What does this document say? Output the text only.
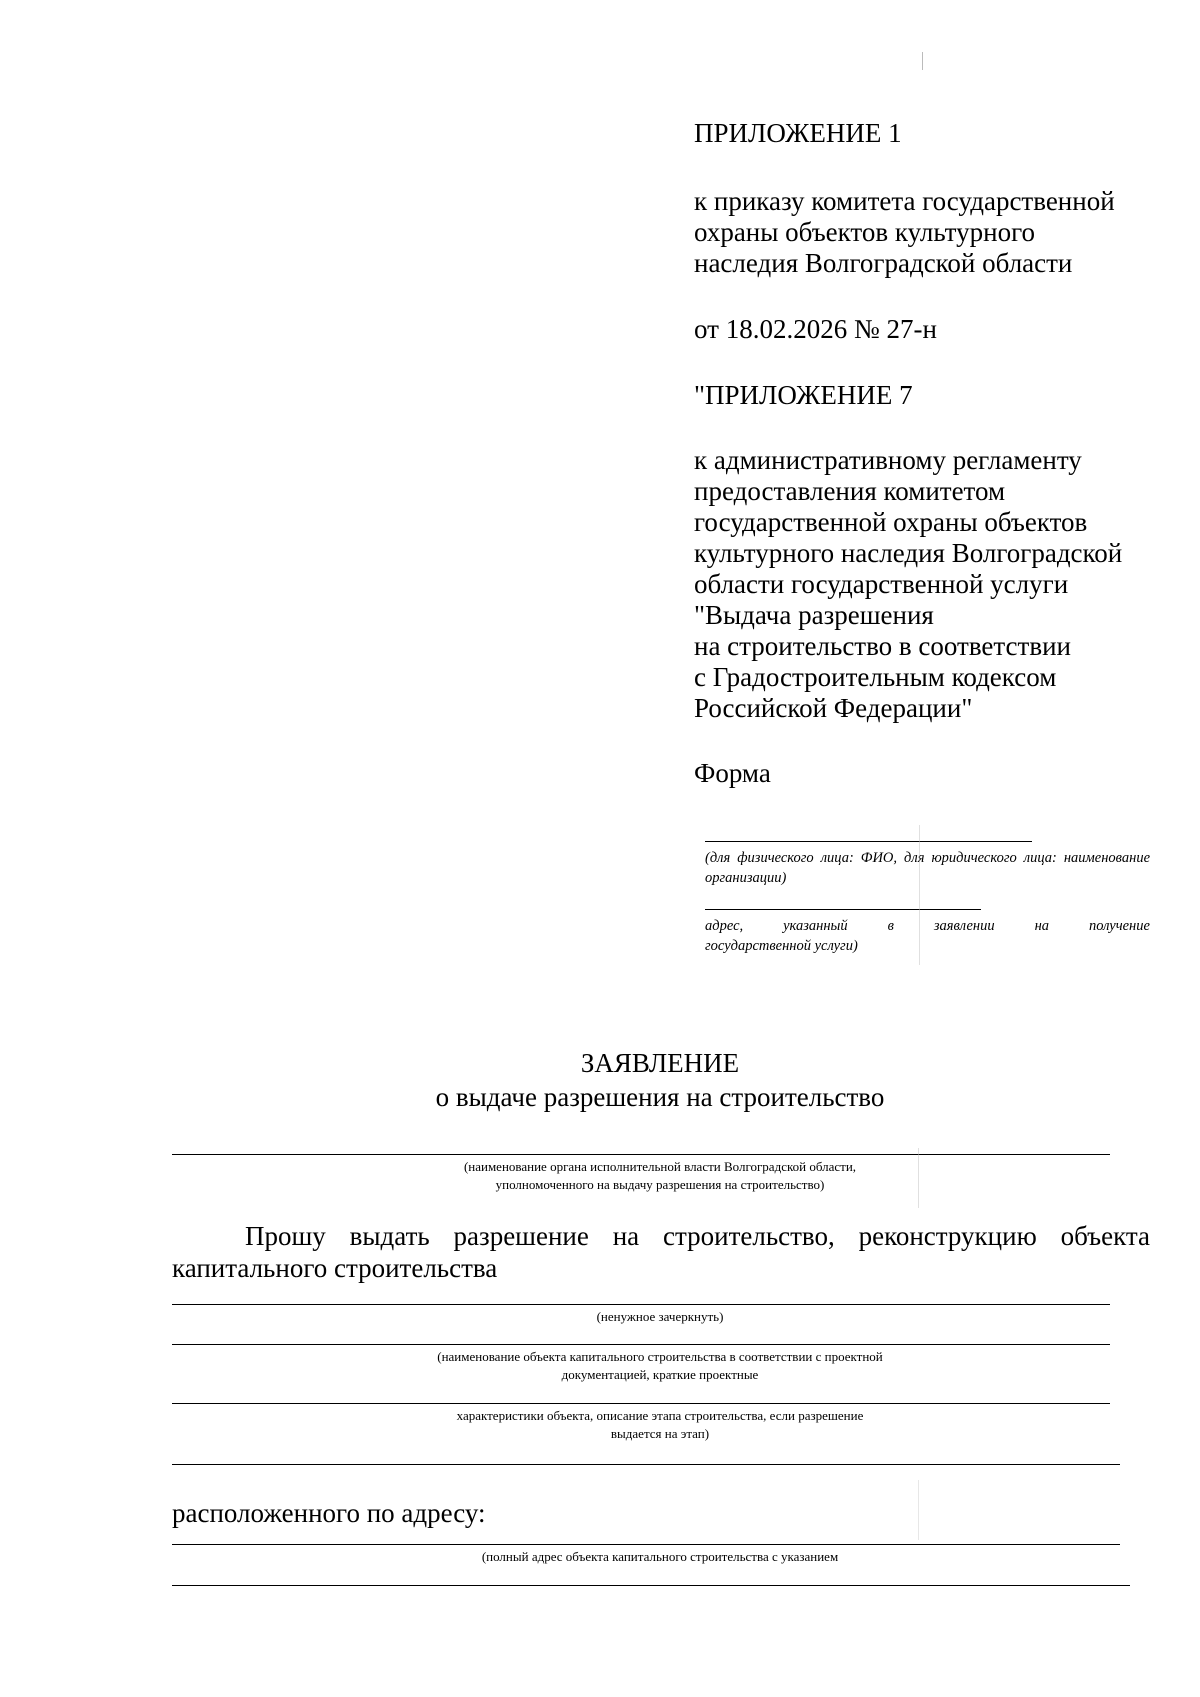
ПРИЛОЖЕНИЕ 1
к приказу комитета государственной
охраны объектов культурного
наследия Волгоградской области
от 18.02.2026 № 27-н
"ПРИЛОЖЕНИЕ 7
к административному регламенту
предоставления комитетом
государственной охраны объектов
культурного наследия Волгоградской
области государственной услуги
"Выдача разрешения
на строительство в соответствии
с Градостроительным кодексом
Российской Федерации"
Форма
(для физического лица: ФИО, для юридического лица: наименование организации)
адрес,	указанный	в	заявлении	на	получение
государственной услуги)
ЗАЯВЛЕНИЕ
о выдаче разрешения на строительство
(наименование органа исполнительной власти Волгоградской области,
уполномоченного на выдачу разрешения на строительство)
Прошу выдать разрешение на строительство, реконструкцию объекта
капитального строительства
(ненужное зачеркнуть)
(наименование объекта капитального строительства в соответствии с проектной
документацией, краткие проектные
характеристики объекта, описание этапа строительства, если разрешение
выдается на этап)
расположенного по адресу:
(полный адрес объекта капитального строительства с указанием
